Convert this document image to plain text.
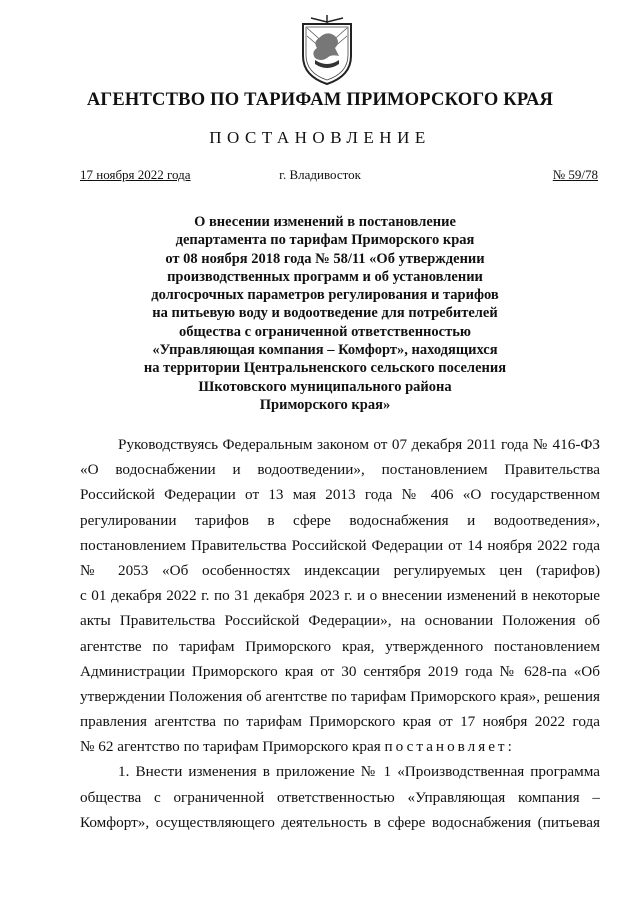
АГЕНТСТВО ПО ТАРИФАМ ПРИМОРСКОГО КРАЯ
ПОСТАНОВЛЕНИЕ
17 ноября 2022 года	г. Владивосток	№ 59/78
О внесении изменений в постановление
департамента по тарифам Приморского края
от 08 ноября 2018 года № 58/11 «Об утверждении
производственных программ и об установлении
долгосрочных параметров регулирования и тарифов
на питьевую воду и водоотведение для потребителей
общества с ограниченной ответственностью
«Управляющая компания – Комфорт», находящихся
на территории Центральненского сельского поселения
Шкотовского муниципального района
Приморского края»
Руководствуясь Федеральным законом от 07 декабря 2011 года № 416-ФЗ
«О водоснабжении и водоотведении», постановлением Правительства
Российской Федерации от 13 мая 2013 года № 406 «О государственном
регулировании тарифов в сфере водоснабжения и водоотведения»,
постановлением Правительства Российской Федерации от 14 ноября 2022 года
№ 2053 «Об особенностях индексации регулируемых цен (тарифов)
с 01 декабря 2022 г. по 31 декабря 2023 г. и о внесении изменений в некоторые
акты Правительства Российской Федерации», на основании Положения об
агентстве по тарифам Приморского края, утвержденного постановлением
Администрации Приморского края от 30 сентября 2019 года № 628-па «Об
утверждении Положения об агентстве по тарифам Приморского края», решения
правления агентства по тарифам Приморского края от 17 ноября 2022 года
№ 62 агентство по тарифам Приморского края постановляет:
1. Внести изменения в приложение № 1 «Производственная программа
общества с ограниченной ответственностью «Управляющая компания –
Комфорт», осуществляющего деятельность в сфере водоснабжения (питьевая
